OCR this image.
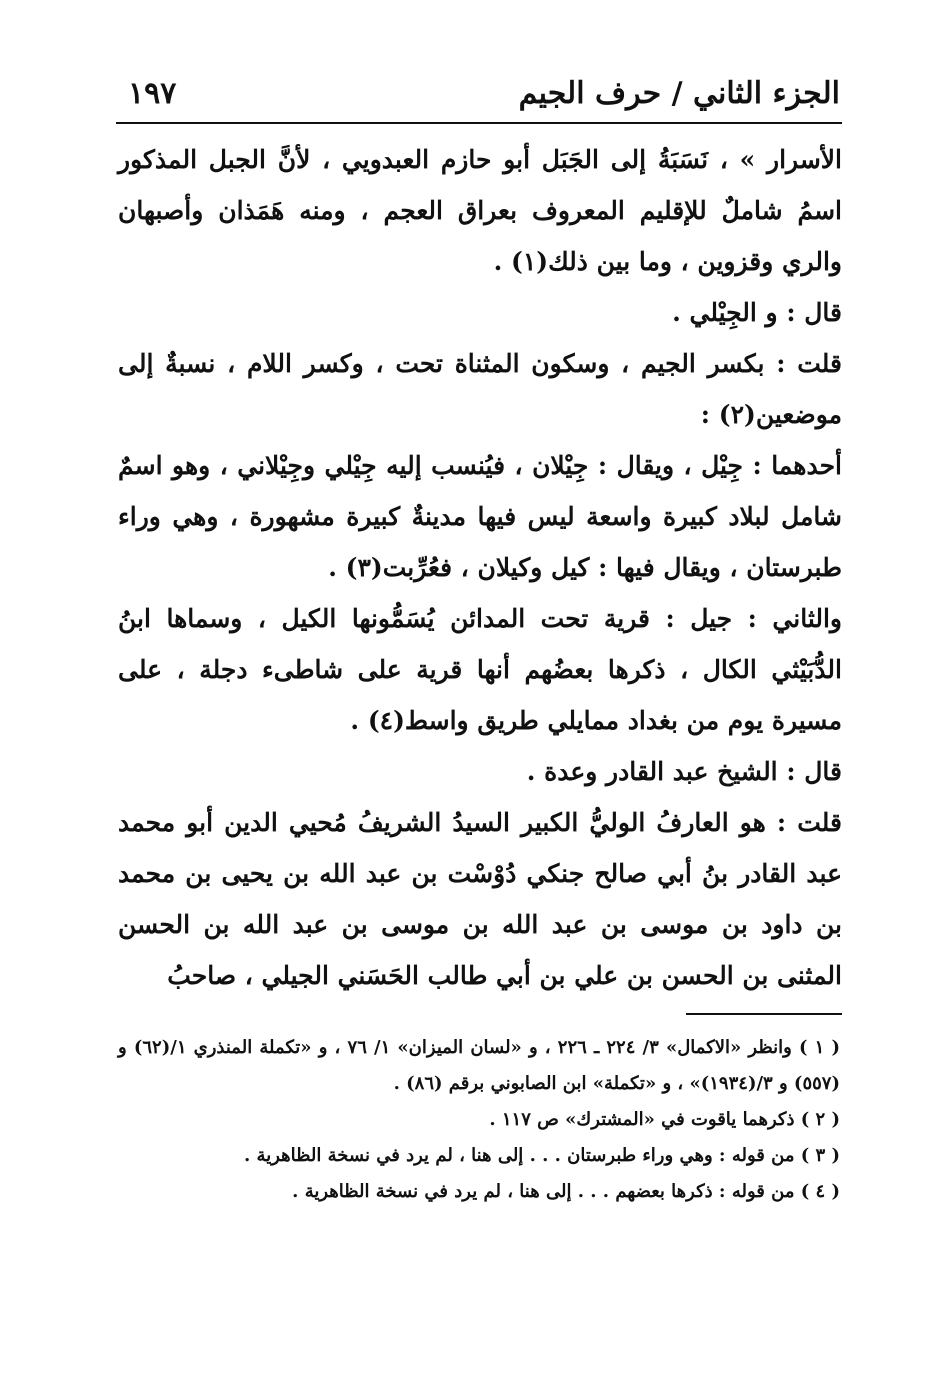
الجزء الثاني / حرف الجيم
١٩٧

الأسرار » ، نَسَبَةُ إلى الجَبَل أبو حازم العبدويي ، لأنَّ الجبل المذكور اسمُ شاملٌ للإقليم المعروف بعراق العجم ، ومنه هَمَذان وأصبهان والري وقزوين ، وما بين ذلك(١) .

قال : و الجِيْلي .

قلت : بكسر الجيم ، وسكون المثناة تحت ، وكسر اللام ، نسبةٌ إلى موضعين(٢) :

أحدهما : جِيْل ، ويقال : جِيْلان ، فيُنسب إليه جِيْلي وجِيْلاني ، وهو اسمٌ شامل لبلاد كبيرة واسعة ليس فيها مدينةٌ كبيرة مشهورة ، وهي وراء طبرستان ، ويقال فيها : كيل وكيلان ، فعُرِّبت(٣) .

والثاني : جيل : قرية تحت المدائن يُسَمُّونها الكيل ، وسماها ابنُ الدُّبَيْثي الكال ، ذكرها بعضُهم أنها قرية على شاطىء دجلة ، على مسيرة يوم من بغداد ممايلي طريق واسط(٤) .

قال : الشيخ عبد القادر وعدة .

قلت : هو العارفُ الوليُّ الكبير السيدُ الشريفُ مُحيي الدين أبو محمد عبد القادر بنُ أبي صالح جنكي دُوْسْت بن عبد الله بن يحيى بن محمد بن داود بن موسى بن عبد الله بن موسى بن عبد الله بن الحسن المثنى بن الحسن بن علي بن أبي طالب الحَسَني الجيلي ، صاحبُ

( ١ ) وانظر «الاكمال» ٣/ ٢٢٤ ـ ٢٢٦ ، و «لسان الميزان» ١/ ٧٦ ، و «تكملة المنذري ١/(٦٢) و (٥٥٧) و ٣/(١٩٣٤)» ، و «تكملة» ابن الصابوني برقم (٨٦) .

( ٢ ) ذكرهما ياقوت في «المشترك» ص ١١٧ .

( ٣ ) من قوله : وهي وراء طبرستان . . . إلى هنا ، لم يرد في نسخة الظاهرية .

( ٤ ) من قوله : ذكرها بعضهم . . . إلى هنا ، لم يرد في نسخة الظاهرية .
